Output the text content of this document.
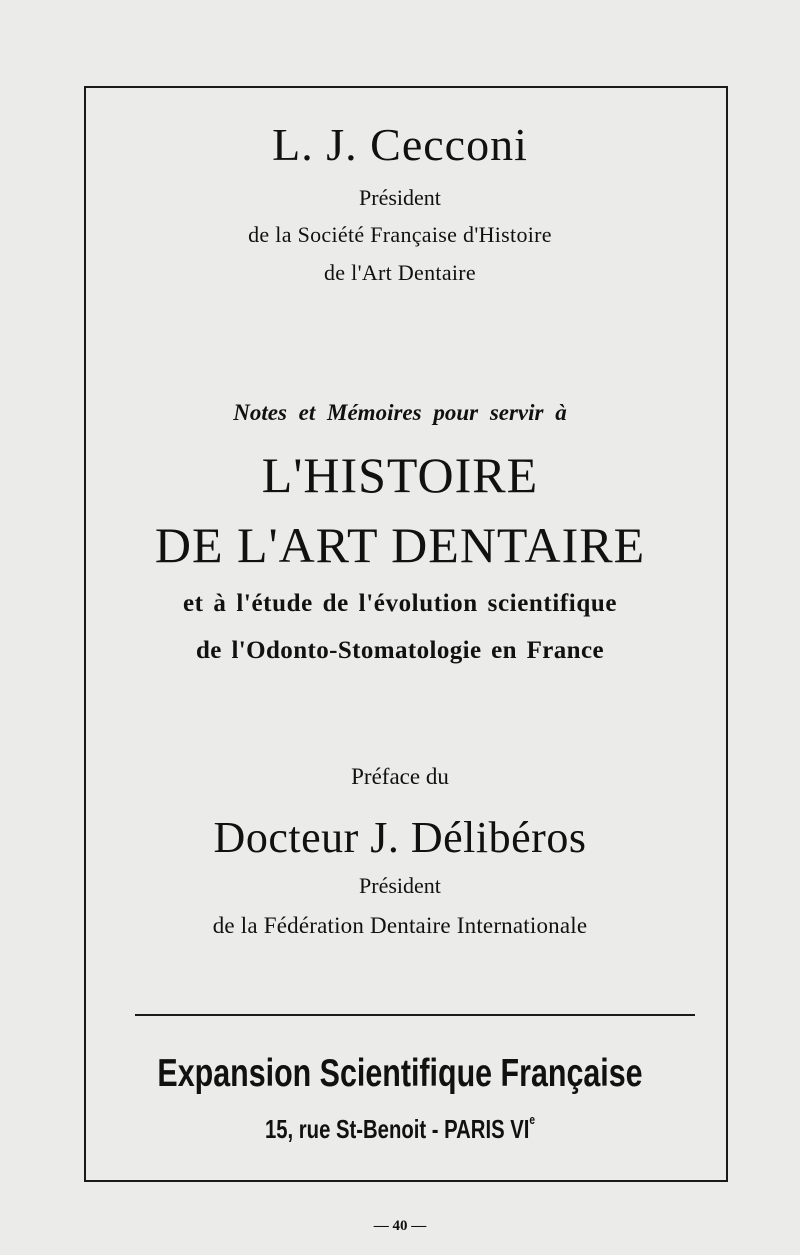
L. J. Cecconi
Président
de la Société Française d'Histoire
de l'Art Dentaire
Notes et Mémoires pour servir à
L'HISTOIRE
DE L'ART DENTAIRE
et à l'étude de l'évolution scientifique
de l'Odonto-Stomatologie en France
Préface du
Docteur J. Délibéros
Président
de la Fédération Dentaire Internationale
Expansion Scientifique Française
15, rue St-Benoit - PARIS VIe
— 40 —
